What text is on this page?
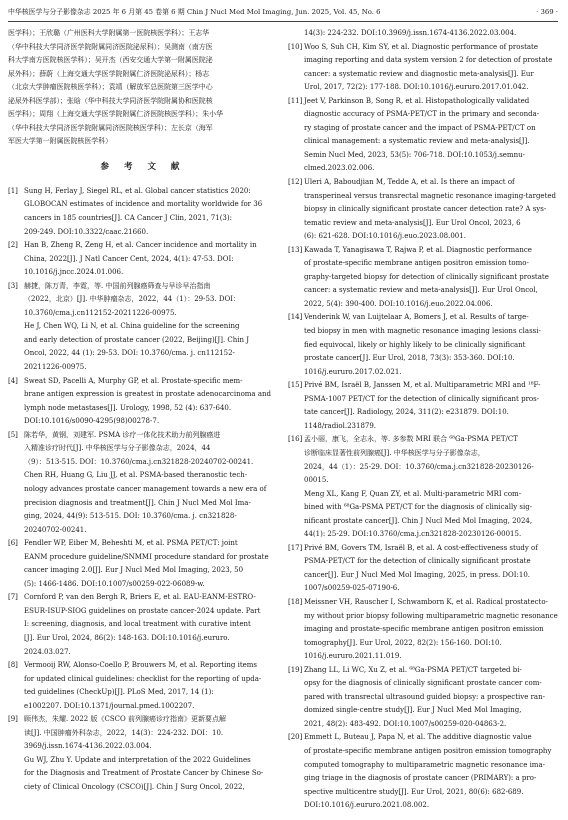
中华核医学与分子影像杂志 2025 年 6 月第 45 卷第 6 期 Chin J Nucl Med Mol Imaging, Jun. 2025, Vol. 45, No. 6	· 369 ·
医学科）；王欣璐（广州医科大学附属第一医院核医学科）；王志华
（华中科技大学同济医学院附属同济医院泌尿科）；吴测南（南方医
科大学南方医院核医学科）；吴开杰（西安交通大学第一附属医院泌
尿外科）；薛蔚（上海交通大学医学院附属仁济医院泌尿科）；杨志
（北京大学肿瘤医院核医学科）；袁靖（解放军总医院第三医学中心
泌尿外科医学部）；张晗（华中科技大学同济医学院附属协和医院核
医学科）；周翔（上海交通大学医学院附属仁济医院核医学科）；朱小华
（华中科技大学同济医学院附属同济医院核医学科）；左长京（海军
军医大学第一附属医院核医学科）
参 考 文 献
[1] Sung H, Ferlay J, Siegel RL, et al. Global cancer statistics 2020:
GLOBOCAN estimates of incidence and mortality worldwide for 36
cancers in 185 countries[J]. CA Cancer J Clin, 2021, 71(3):
209-249. DOI:10.3322/caac.21660.
[2] Han B, Zheng R, Zeng H, et al. Cancer incidence and mortality in
China, 2022[J]. J Natl Cancer Cent, 2024, 4(1): 47-53. DOI:
10.1016/j.jncc.2024.01.006.
[3] 赫捷，陈万青，李霓，等. 中国前列腺癌筛查与早诊早治指南
（2022，北京）[J]. 中华肿瘤杂志，2022，44（1）：29-53. DOI：
10.3760/cma.j.cn112152-20211226-00975.
He J, Chen WQ, Li N, et al. China guideline for the screening
and early detection of prostate cancer (2022, Beijing)[J]. Chin J
Oncol, 2022, 44 (1): 29-53. DOI: 10.3760/cma. j. cn112152-
20211226-00975.
[4] Sweat SD, Pacelli A, Murphy GP, et al. Prostate-specific mem-
brane antigen expression is greatest in prostate adenocarcinoma and
lymph node metastases[J]. Urology, 1998, 52 (4): 637-640.
DOI:10.1016/s0090-4295(98)00278-7.
[5] 陈若华，黄钢，刘建军. PSMA 诊疗一体化技术助力前列腺癌进
入精准诊疗时代[J]. 中华核医学与分子影像杂志，2024，44
（9）：513-515. DOI：10.3760/cma.j.cn321828-20240702-00241.
Chen RH, Huang G, Liu JJ, et al. PSMA-based theranostic tech-
nology advances prostate cancer management towards a new era of
precision diagnosis and treatment[J]. Chin J Nucl Med Mol Ima-
ging, 2024, 44(9): 513-515. DOI: 10.3760/cma. j. cn321828-
20240702-00241.
[6] Fendler WP, Eiber M, Beheshti M, et al. PSMA PET/CT: joint
EANM procedure guideline/SNMMI procedure standard for prostate
cancer imaging 2.0[J]. Eur J Nucl Med Mol Imaging, 2023, 50
(5): 1466-1486. DOI:10.1007/s00259-022-06089-w.
[7] Cornford P, van den Bergh R, Briers E, et al. EAU-EANM-ESTRO-
ESUR-ISUP-SIOG guidelines on prostate cancer-2024 update. Part
Ⅰ: screening, diagnosis, and local treatment with curative intent
[J]. Eur Urol, 2024, 86(2): 148-163. DOI:10.1016/j.eururo.
2024.03.027.
[8] Vermooij RW, Alonso-Coello P, Brouwers M, et al. Reporting items
for updated clinical guidelines: checklist for the reporting of upda-
ted guidelines (CheckUp)[J]. PLoS Med, 2017, 14 (1):
e1002207. DOI:10.1371/journal.pmed.1002207.
[9] 顾伟杰，朱耀. 2022 版《CSCO 前列腺癌诊疗指南》更新要点解
读[J]. 中国肿瘤外科杂志，2022，14(3)：224-232. DOI：10.
3969/j.issn.1674-4136.2022.03.004.
Gu WJ, Zhu Y. Update and interpretation of the 2022 Guidelines
for the Diagnosis and Treatment of Prostate Cancer by Chinese So-
ciety of Clinical Oncology (CSCO)[J]. Chin J Surg Oncol, 2022,
14(3): 224-232. DOI:10.3969/j.issn.1674-4136.2022.03.004.
[10] Woo S, Suh CH, Kim SY, et al. Diagnostic performance of prostate
imaging reporting and data system version 2 for detection of prostate
cancer: a systematic review and diagnostic meta-analysis[J]. Eur
Urol, 2017, 72(2): 177-188. DOI:10.1016/j.eururo.2017.01.042.
[11] Jeet V, Parkinson B, Song R, et al. Histopathologically validated
diagnostic accuracy of PSMA-PET/CT in the primary and seconda-
ry staging of prostate cancer and the impact of PSMA-PET/CT on
clinical management: a systematic review and meta-analysis[J].
Semin Nucl Med, 2023, 53(5): 706-718. DOI:10.1053/j.semnu-
clmed.2023.02.006.
[12] Uleri A, Baboudjian M, Tedde A, et al. Is there an impact of
transperineal versus transrectal magnetic resonance imaging-targeted
biopsy in clinically significant prostate cancer detection rate? A sys-
tematic review and meta-analysis[J]. Eur Urol Oncol, 2023, 6
(6): 621-628. DOI:10.1016/j.euo.2023.08.001.
[13] Kawada T, Yanagisawa T, Rajwa P, et al. Diagnostic performance
of prostate-specific membrane antigen positron emission tomo-
graphy-targeted biopsy for detection of clinically significant prostate
cancer: a systematic review and meta-analysis[J]. Eur Urol Oncol,
2022, 5(4): 390-400. DOI:10.1016/j.euo.2022.04.006.
[14] Venderink W, van Luijtelaar A, Bomers J, et al. Results of targe-
ted biopsy in men with magnetic resonance imaging lesions classi-
fied equivocal, likely or highly likely to be clinically significant
prostate cancer[J]. Eur Urol, 2018, 73(3): 353-360. DOI:10.
1016/j.eururo.2017.02.021.
[15] Privé BM, Israël B, Janssen M, et al. Multiparametric MRI and ¹⁸F-
PSMA-1007 PET/CT for the detection of clinically significant pros-
tate cancer[J]. Radiology, 2024, 311(2): e231879. DOI:10.
1148/radiol.231879.
[16] 孟小丽，康飞，全志永，等. 多参数 MRI 联合 ⁶⁸Ga-PSMA PET/CT
诊断临床显著性前列腺癌[J]. 中华核医学与分子影像杂志，
2024，44（1）：25-29. DOI：10.3760/cma.j.cn321828-20230126-
00015.
Meng XL, Kang F, Quan ZY, et al. Multi-parametric MRI com-
bined with ⁶⁸Ga-PSMA PET/CT for the diagnosis of clinically sig-
nificant prostate cancer[J]. Chin J Nucl Med Mol Imaging, 2024,
44(1): 25-29. DOI:10.3760/cma.j.cn321828-20230126-00015.
[17] Privé BM, Govers TM, Israël B, et al. A cost-effectiveness study of
PSMA-PET/CT for the detection of clinically significant prostate
cancer[J]. Eur J Nucl Med Mol Imaging, 2025, in press. DOI:10.
1007/s00259-025-07190-6.
[18] Meissner VH, Rauscher I, Schwamborn K, et al. Radical prostatecto-
my without prior biopsy following multiparametric magnetic resonance
imaging and prostate-specific membrane antigen positron emission
tomography[J]. Eur Urol, 2022, 82(2): 156-160. DOI:10.
1016/j.eururo.2021.11.019.
[19] Zhang LL, Li WC, Xu Z, et al. ⁶⁸Ga-PSMA PET/CT targeted bi-
opsy for the diagnosis of clinically significant prostate cancer com-
pared with transrectal ultrasound guided biopsy: a prospective ran-
domized single-centre study[J]. Eur J Nucl Med Mol Imaging,
2021, 48(2): 483-492. DOI:10.1007/s00259-020-04863-2.
[20] Emmett L, Buteau J, Papa N, et al. The additive diagnostic value
of prostate-specific membrane antigen positron emission tomography
computed tomography to multiparametric magnetic resonance ima-
ging triage in the diagnosis of prostate cancer (PRIMARY): a pro-
spective multicentre study[J]. Eur Urol, 2021, 80(6): 682-689.
DOI:10.1016/j.eururo.2021.08.002.
